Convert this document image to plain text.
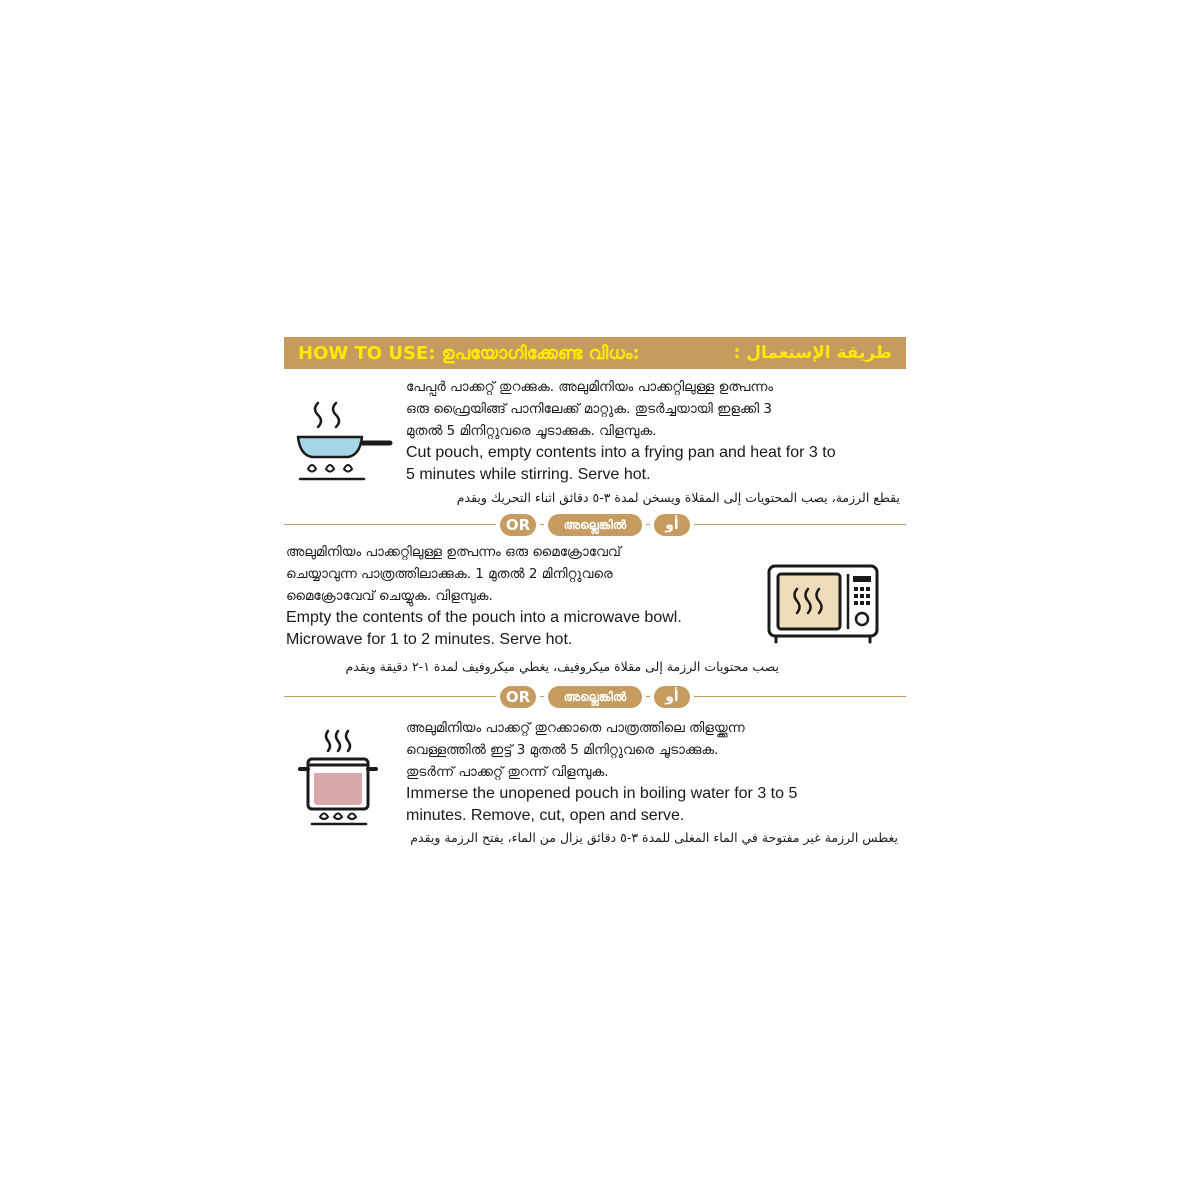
HOW TO USE: ഉപയോഗിക്കേണ്ട വിധം:	طريقة الإستعمال :
പേപ്പർ പാക്കറ്റ് തുറക്കുക. അലുമിനിയം പാക്കറ്റിലുള്ള ഉത്പന്നം
ഒരു ഫ്രൈയിങ്ങ് പാനിലേക്ക് മാറ്റുക. തുടർച്ചയായി ഇളക്കി 3
മുതൽ 5 മിനിറ്റുവരെ ചൂടാക്കുക. വിളമ്പുക.
Cut pouch, empty contents into a frying pan and heat for 3 to
5 minutes while stirring. Serve hot.
يقطع الرزمة، يصب المحتويات إلى المقلاة ويسخن لمدة ٣-٥ دقائق اثناء التحريك ويقدم
OR	അല്ലെങ്കിൽ	أو
അലുമിനിയം പാക്കറ്റിലുള്ള ഉത്പന്നം ഒരു മൈക്രോവേവ്
ചെയ്യാവുന്ന പാത്രത്തിലാക്കുക. 1 മുതൽ 2 മിനിറ്റുവരെ
മൈക്രോവേവ് ചെയ്യുക. വിളമ്പുക.
Empty the contents of the pouch into a microwave bowl.
Microwave for 1 to 2 minutes. Serve hot.
يصب محتويات الرزمة إلى مقلاة ميكروفيف، يغطي ميكروفيف لمدة ١-٢ دقيقة ويقدم
OR	അല്ലെങ്കിൽ	أو
അലുമിനിയം പാക്കറ്റ് തുറക്കാതെ പാത്രത്തിലെ തിളയ്ക്കുന്ന
വെള്ളത്തിൽ ഇട്ട് 3 മുതൽ 5 മിനിറ്റുവരെ ചൂടാക്കുക.
തുടർന്ന് പാക്കറ്റ് തുറന്ന് വിളമ്പുക.
Immerse the unopened pouch in boiling water for 3 to 5
minutes. Remove, cut, open and serve.
يغطس الرزمة غير مفتوحة في الماء المغلى للمدة ٣-٥ دقائق يزال من الماء، يفتح الرزمة ويقدم
